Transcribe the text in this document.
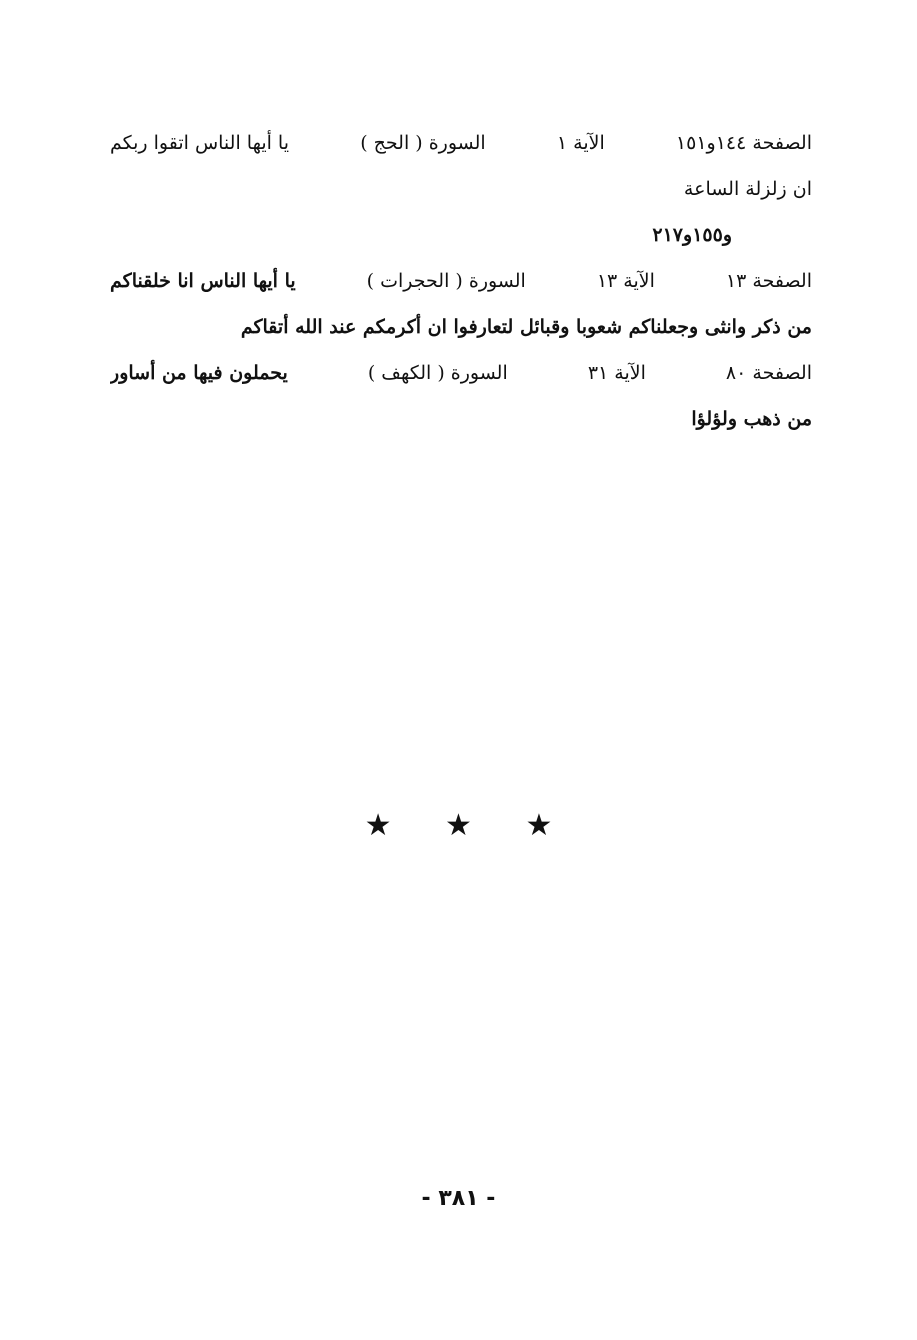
الصفحة ١٤٤و١٥١
الآية ١
السورة ( الحج )
يا أيها الناس اتقوا ربكم
ان زلزلة الساعة
و١٥٥و٢١٧
الصفحة ١٣
الآية ١٣
السورة ( الحجرات )
يا أيها الناس انا خلقناكم
من ذكر وانثى وجعلناكم شعوبا وقبائل لتعارفوا ان أكرمكم عند الله أتقاكم
الصفحة ٨٠
الآية ٣١
السورة ( الكهف )
يحملون فيها من أساور
من ذهب ولؤلؤا
★ ★ ★
- ٣٨١ -
